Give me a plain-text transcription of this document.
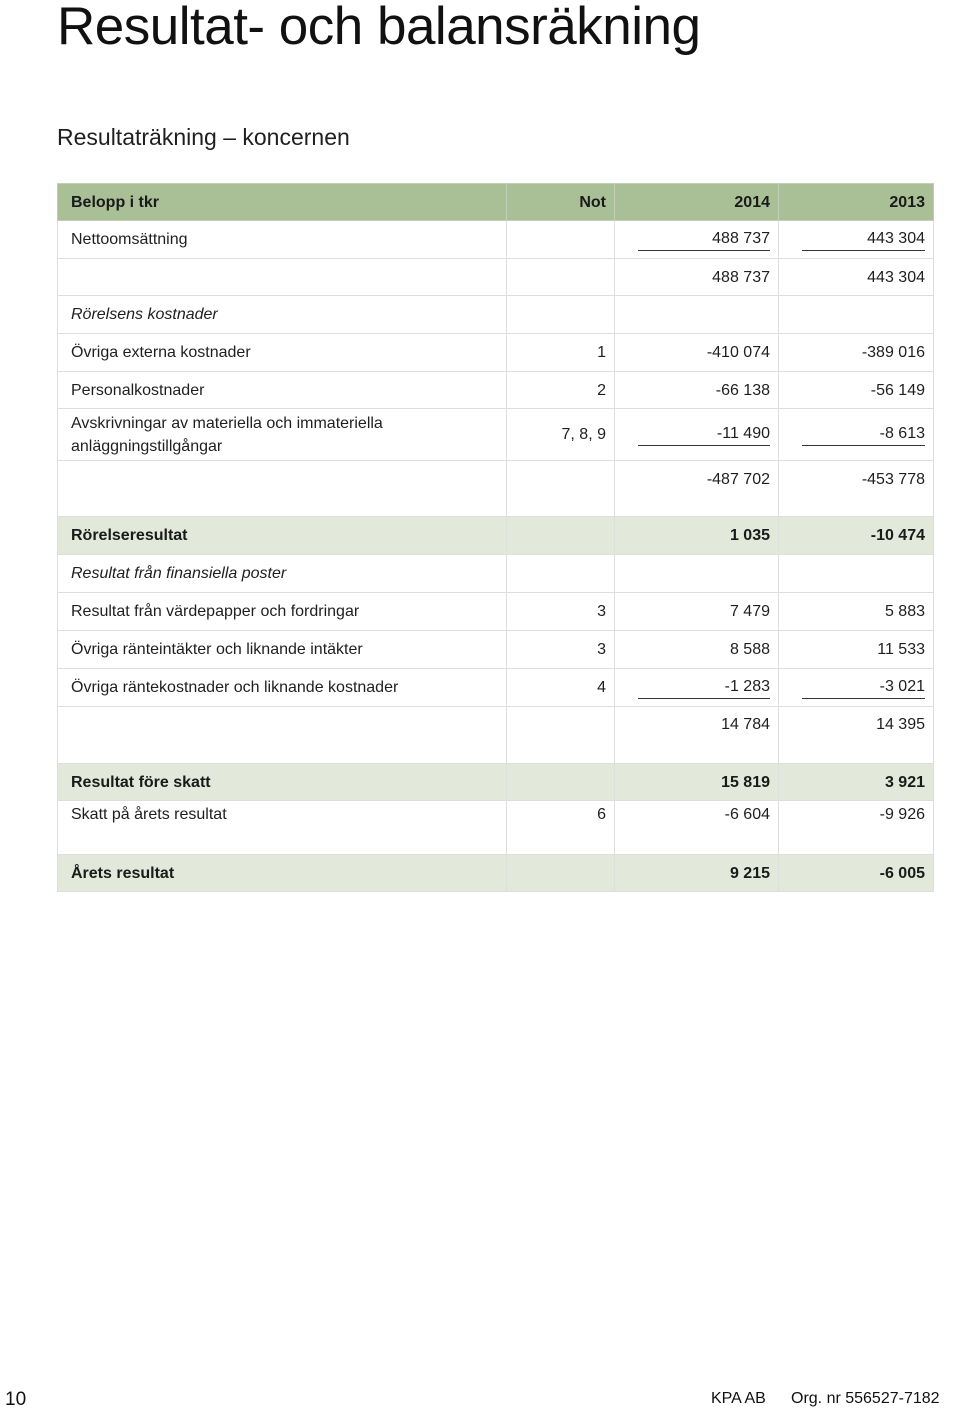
Resultat- och balansräkning
Resultaträkning – koncernen
Belopp i tkr	Not	2014	2013
Nettoomsättning		488 737	443 304
		488 737	443 304
Rörelsens kostnader			
Övriga externa kostnader	1	-410 074	-389 016
Personalkostnader	2	-66 138	-56 149
Avskrivningar av materiella och immateriella anläggningstillgångar	7, 8, 9	-11 490	-8 613
		-487 702	-453 778
Rörelseresultat		1 035	-10 474
Resultat från finansiella poster			
Resultat från värdepapper och fordringar	3	7 479	5 883
Övriga ränteintäkter och liknande intäkter	3	8 588	11 533
Övriga räntekostnader och liknande kostnader	4	-1 283	-3 021
		14 784	14 395
Resultat före skatt		15 819	3 921
Skatt på årets resultat	6	-6 604	-9 926
Årets resultat		9 215	-6 005
10	KPA AB Org. nr 556527-7182
